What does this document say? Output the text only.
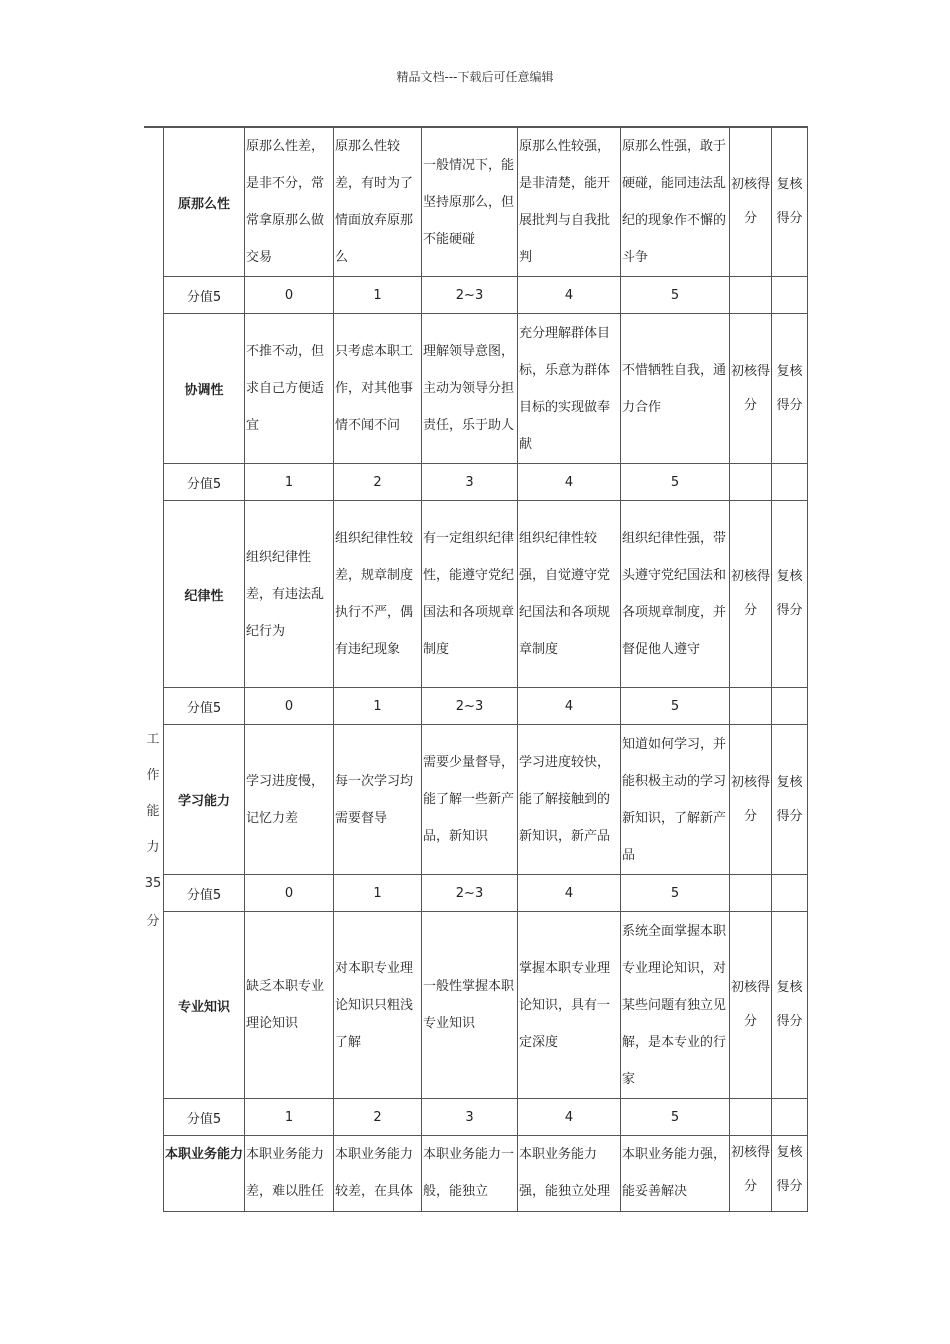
精品文档---下载后可任意编辑
工
作
能
力
35
分
原那么性	原那么性差，是非不分，常常拿原那么做交易	原那么性较差，有时为了情面放弃原那么	一般情况下，能坚持原那么，但不能硬碰	原那么性较强，是非清楚，能开展批判与自我批判	原那么性强，敢于硬碰，能同违法乱纪的现象作不懈的斗争	初核得分	复核得分
分值5	0	1	2~3	4	5		
协调性	不推不动，但求自己方便适宜	只考虑本职工作，对其他事情不闻不问	理解领导意图，主动为领导分担责任，乐于助人	充分理解群体目标，乐意为群体目标的实现做奉献	不惜牺牲自我，通力合作	初核得分	复核得分
分值5	1	2	3	4	5		
纪律性	组织纪律性差，有违法乱纪行为	组织纪律性较差，规章制度执行不严，偶有违纪现象	有一定组织纪律性，能遵守党纪国法和各项规章制度	组织纪律性较强，自觉遵守党纪国法和各项规章制度	组织纪律性强，带头遵守党纪国法和各项规章制度，并督促他人遵守	初核得分	复核得分
分值5	0	1	2~3	4	5		
学习能力	学习进度慢，记忆力差	每一次学习均需要督导	需要少量督导，能了解一些新产品，新知识	学习进度较快，能了解接触到的新知识，新产品	知道如何学习，并能积极主动的学习新知识，了解新产品	初核得分	复核得分
分值5	0	1	2~3	4	5		
专业知识	缺乏本职专业理论知识	对本职专业理论知识只粗浅了解	一般性掌握本职专业知识	掌握本职专业理论知识，具有一定深度	系统全面掌握本职专业理论知识，对某些问题有独立见解，是本专业的行家	初核得分	复核得分
分值5	1	2	3	4	5		
本职业务能力	本职业务能力差，难以胜任	本职业务能力较差，在具体	本职业务能力一般，能独立	本职业务能力强，能独立处理	本职业务能力强，能妥善解决	初核得分	复核得分
